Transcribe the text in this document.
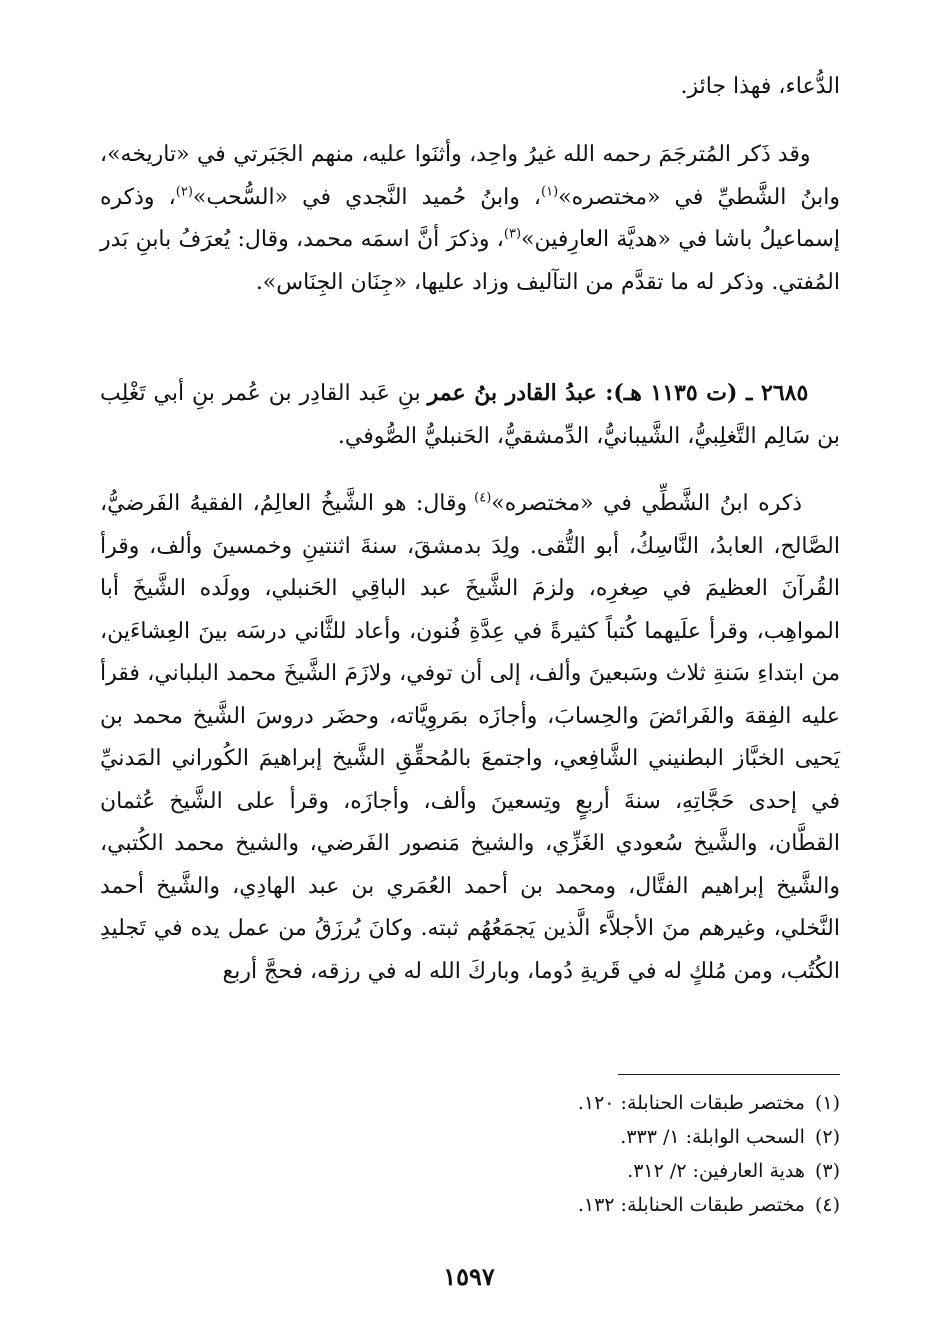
الدُّعاء، فهذا جائز.

وقد ذَكر المُترجَمَ رحمه الله غيرُ واحِد، وأثنَوا عليه، منهم الجَبَرتي في «تاريخه»، وابنُ الشَّطيِّ في «مختصره»$^{(١)}$، وابنُ حُميد النَّجدي في «السُّحب»$^{(٢)}$، وذكره إسماعيلُ باشا في «هديَّة العارِفين»$^{(٣)}$، وذكرَ أنَّ اسمَه محمد، وقال: يُعرَفُ بابنِ بَدر المُفتي. وذكر له ما تقدَّم من التآليف وزاد عليها، «جِنَان الجِنَاس».

٢٦٨٥ ـ (ت ١١٣٥ هـ): عبدُ القادر بنُ عمر بنِ عَبد القادِر بن عُمر بنِ أبي تَغْلِب بن سَالِم التَّغلِبيُّ، الشَّيبانيُّ، الدِّمشقيُّ، الحَنبليُّ الصُّوفي.

ذكره ابنُ الشَّطِّي في «مختصره»$^{(٤)}$ وقال: هو الشَّيخُ العالِمُ، الفقيهُ الفَرضيُّ، الصَّالح، العابدُ، النَّاسِكُ، أبو التُّقى. ولِدَ بدمشقَ، سنةَ اثنتينِ وخمسينَ وألف، وقرأ القُرآنَ العظيمَ في صِغرِه، ولزمَ الشَّيخَ عبد الباقِي الحَنبلي، وولَده الشَّيخَ أبا المواهِب، وقرأ علَيهما كُتباً كثيرةً في عِدَّةِ فُنون، وأعاد للثَّاني درسَه بينَ العِشاءَين، من ابتداءِ سَنةِ ثلاث وسَبعينَ وألف، إلى أن توفي، ولازَمَ الشَّيخَ محمد البلباني، فقرأ عليه الفِقهَ والفَرائضَ والحِسابَ، وأجازَه بمَروِيَّاته، وحضَر دروسَ الشَّيخ محمد بن يَحيى الخبَّاز البطنيني الشَّافِعي، واجتمعَ بالمُحقِّقِ الشَّيخ إبراهيمَ الكُوراني المَدنيِّ في إحدى حَجَّاتِهِ، سنةَ أربعٍ وتِسعينَ وألف، وأجازَه، وقرأ على الشَّيخ عُثمان القطَّان، والشَّيخ سُعودي الغَزِّي، والشيخ مَنصور الفَرضي، والشيخ محمد الكُتبي، والشَّيخ إبراهيم الفتَّال، ومحمد بن أحمد العُمَري بن عبد الهادِي، والشَّيخ أحمد النَّخلي، وغيرهم منَ الأجلاَّء الَّذين يَجمَعُهُم ثبته. وكانَ يُرزَقُ من عمل يده في تَجليدِ الكُتُب، ومن مُلكٍ له في قَريةِ دُوما، وباركَ الله له في رزقه، فحجَّ أربع

(١)مختصر طبقات الحنابلة: ١٢٠.
(٢)السحب الوابلة: ١/ ٣٣٣.
(٣)هدية العارفين: ٢/ ٣١٢.
(٤)مختصر طبقات الحنابلة: ١٣٢.
١٥٩٧
